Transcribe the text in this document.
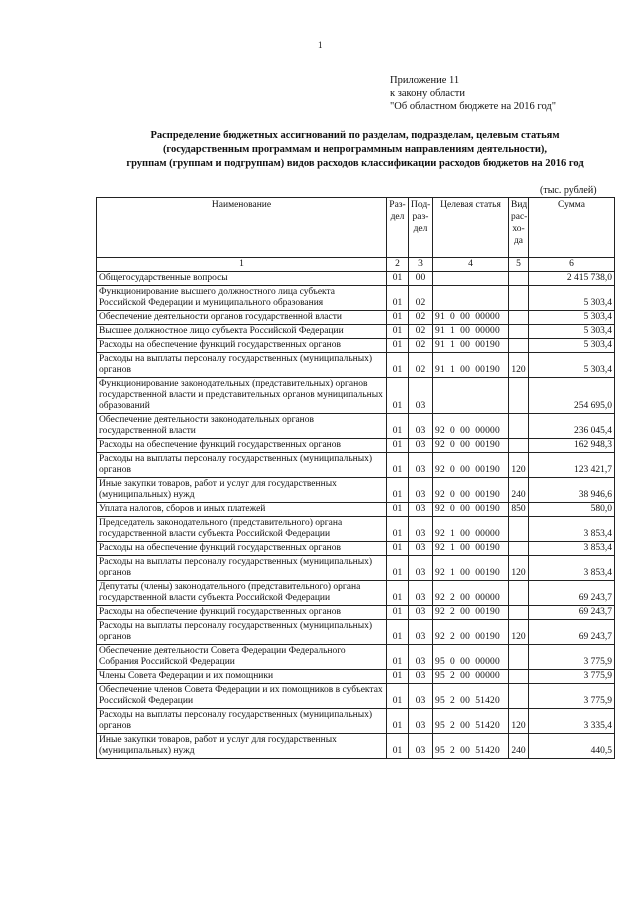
1
Приложение 11
к закону области
"Об областном бюджете на 2016 год"
Распределение бюджетных ассигнований по разделам, подразделам, целевым статьям
(государственным программам и непрограммным направлениям деятельности),
группам (группам и подгруппам) видов расходов классификации расходов бюджетов на 2016 год
(тыс. рублей)
Наименование	Раз-дел	Под-раз-дел	Целевая статья	Вид рас-хо-да	Сумма
1	2	3	4	5	6
Общегосударственные вопросы	01	00			2 415 738,0
Функционирование высшего должностного лица субъекта Российской Федерации и муниципального образования	01	02			5 303,4
Обеспечение деятельности органов государственной власти	01	02	91  0  00  00000		5 303,4
Высшее должностное лицо субъекта Российской Федерации	01	02	91  1  00  00000		5 303,4
Расходы на обеспечение функций государственных органов	01	02	91  1  00  00190		5 303,4
Расходы на выплаты персоналу государственных (муниципальных) органов	01	02	91  1  00  00190	120	5 303,4
Функционирование законодательных (представительных) органов государственной власти и представительных органов муниципальных образований	01	03			254 695,0
Обеспечение деятельности законодательных органов государственной власти	01	03	92  0  00  00000		236 045,4
Расходы на обеспечение функций государственных органов	01	03	92  0  00  00190		162 948,3
Расходы на выплаты персоналу государственных (муниципальных) органов	01	03	92  0  00  00190	120	123 421,7
Иные закупки товаров, работ и услуг для государственных (муниципальных) нужд	01	03	92  0  00  00190	240	38 946,6
Уплата налогов, сборов и иных платежей	01	03	92  0  00  00190	850	580,0
Председатель законодательного (представительного) органа государственной власти субъекта Российской Федерации	01	03	92  1  00  00000		3 853,4
Расходы на обеспечение функций государственных органов	01	03	92  1  00  00190		3 853,4
Расходы на выплаты персоналу государственных (муниципальных) органов	01	03	92  1  00  00190	120	3 853,4
Депутаты (члены) законодательного (представительного) органа государственной власти субъекта Российской Федерации	01	03	92  2  00  00000		69 243,7
Расходы на обеспечение функций государственных органов	01	03	92  2  00  00190		69 243,7
Расходы на выплаты персоналу государственных (муниципальных) органов	01	03	92  2  00  00190	120	69 243,7
Обеспечение деятельности Совета Федерации Федерального Собрания Российской Федерации	01	03	95  0  00  00000		3 775,9
Члены Совета Федерации и их помощники	01	03	95  2  00  00000		3 775,9
Обеспечение членов Совета Федерации и их помощников в субъектах Российской Федерации	01	03	95  2  00  51420		3 775,9
Расходы на выплаты персоналу государственных (муниципальных) органов	01	03	95  2  00  51420	120	3 335,4
Иные закупки товаров, работ и услуг для государственных (муниципальных) нужд	01	03	95  2  00  51420	240	440,5
